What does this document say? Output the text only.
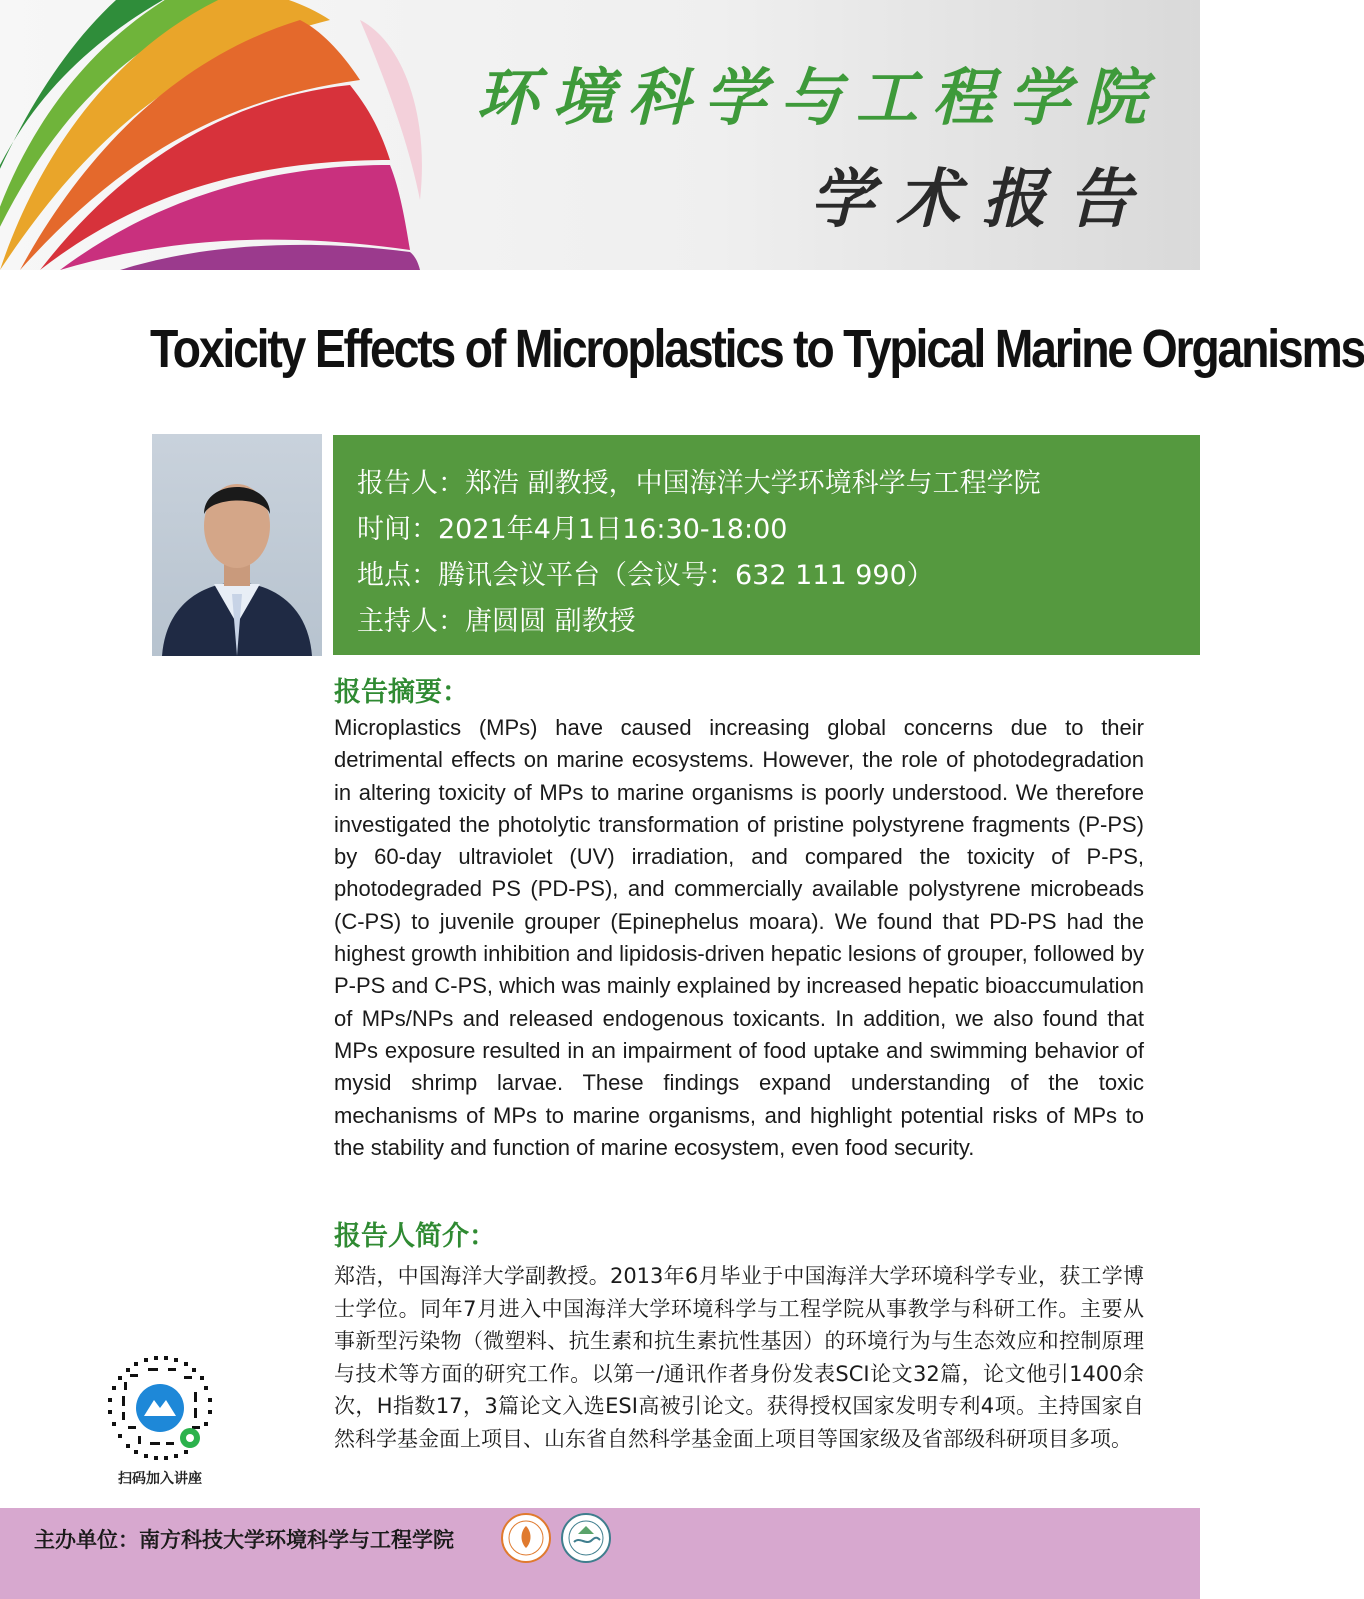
环境科学与工程学院
学术报告
Toxicity Effects of Microplastics to Typical Marine Organisms
报告人：郑浩 副教授，中国海洋大学环境科学与工程学院
时间：2021年4月1日16:30-18:00
地点：腾讯会议平台（会议号：632 111 990）
主持人：唐圆圆 副教授
报告摘要：
Microplastics (MPs) have caused increasing global concerns due to their detrimental effects on marine ecosystems. However, the role of photodegradation in altering toxicity of MPs to marine organisms is poorly understood. We therefore investigated the photolytic transformation of pristine polystyrene fragments (P-PS) by 60-day ultraviolet (UV) irradiation, and compared the toxicity of P-PS, photodegraded PS (PD-PS), and commercially available polystyrene microbeads (C-PS) to juvenile grouper (Epinephelus moara). We found that PD-PS had the highest growth inhibition and lipidosis-driven hepatic lesions of grouper, followed by P-PS and C-PS, which was mainly explained by increased hepatic bioaccumulation of MPs/NPs and released endogenous toxicants. In addition, we also found that MPs exposure resulted in an impairment of food uptake and swimming behavior of mysid shrimp larvae. These findings expand understanding of the toxic mechanisms of MPs to marine organisms, and highlight potential risks of MPs to the stability and function of marine ecosystem, even food security.
报告人简介：
郑浩，中国海洋大学副教授。2013年6月毕业于中国海洋大学环境科学专业，获工学博士学位。同年7月进入中国海洋大学环境科学与工程学院从事教学与科研工作。主要从事新型污染物（微塑料、抗生素和抗生素抗性基因）的环境行为与生态效应和控制原理与技术等方面的研究工作。以第一/通讯作者身份发表SCI论文32篇，论文他引1400余次，H指数17，3篇论文入选ESI高被引论文。获得授权国家发明专利4项。主持国家自然科学基金面上项目、山东省自然科学基金面上项目等国家级及省部级科研项目多项。
扫码加入讲座
主办单位：南方科技大学环境科学与工程学院
